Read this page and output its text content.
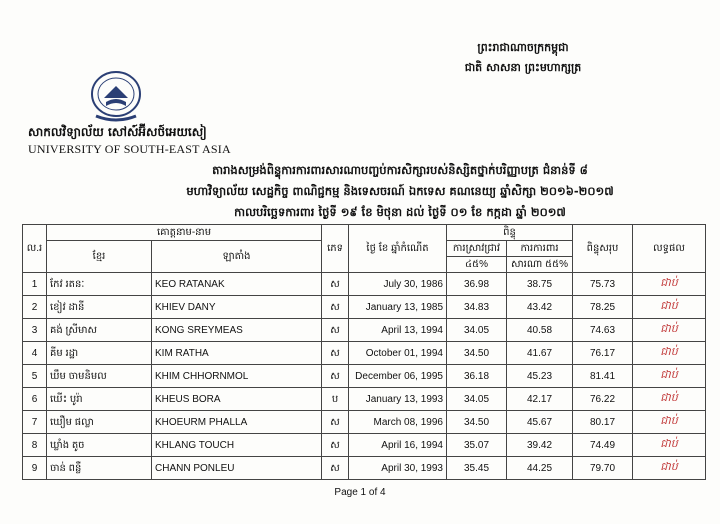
ព្រះរាជាណាចក្រកម្ពុជា
ជាតិ សាសនា ព្រះមហាក្សត្រ
សាកលវិទ្យាល័យ សៅស៍អ៊ីសថ៍អេយសៀ
UNIVERSITY OF SOUTH-EAST ASIA
តារាងសម្រង់ពិន្ទុការការពារសារណាបញ្ចប់ការសិក្សារបស់និស្សិតថ្នាក់បរិញ្ញាបត្រ ជំនាន់ទី ៨
មហាវិទ្យាល័យ សេដ្ឋកិច្ច ពាណិជ្ជកម្ម និងទេសចរណ៍ ឯកទេស គណនេយ្យ ឆ្នាំសិក្សា ២០១៦-២០១៧
កាលបរិច្ឆេទការពារ ថ្ងៃទី ១៩ ខែ មិថុនា ដល់ ថ្ងៃទី ០១ ខែ កក្កដា ឆ្នាំ ២០១៧
ល.រ	គោត្តនាម-នាម		ភេទ	ថ្ងៃ ខែ ឆ្នាំកំណើត	ពិន្ទុ		ពិន្ទុសរុប	លទ្ធផល
	ខ្មែរ	ឡាតាំង			ការស្រាវជ្រាវ	ការការពារ		
					៤៥%	សារណា ៥៥%		
1	កែវ រតនៈ	KEO RATANAK	ស	July 30, 1986	36.98	38.75	75.73	ជាប់
2	ខៀវ ដានី	KHIEV DANY	ស	January 13, 1985	34.83	43.42	78.25	ជាប់
3	គង់ ស្រីមាស	KONG SREYMEAS	ស	April 13, 1994	34.05	40.58	74.63	ជាប់
4	គីម រដ្ឋា	KIM RATHA	ស	October 01, 1994	34.50	41.67	76.17	ជាប់
5	ឃឹម ចាមនិមល	KHIM CHHORNMOL	ស	December 06, 1995	36.18	45.23	81.41	ជាប់
6	ឃើះ បូរ៉ា	KHEUS BORA	ប	January 13, 1993	34.05	42.17	76.22	ជាប់
7	ឃឿម ផល្លា	KHOEURM PHALLA	ស	March 08, 1996	34.50	45.67	80.17	ជាប់
8	ឃ្លាំង តូច	KHLANG TOUCH	ស	April 16, 1994	35.07	39.42	74.49	ជាប់
9	ចាន់ ពន្លឺ	CHANN PONLEU	ស	April 30, 1993	35.45	44.25	79.70	ជាប់
Page 1 of 4
